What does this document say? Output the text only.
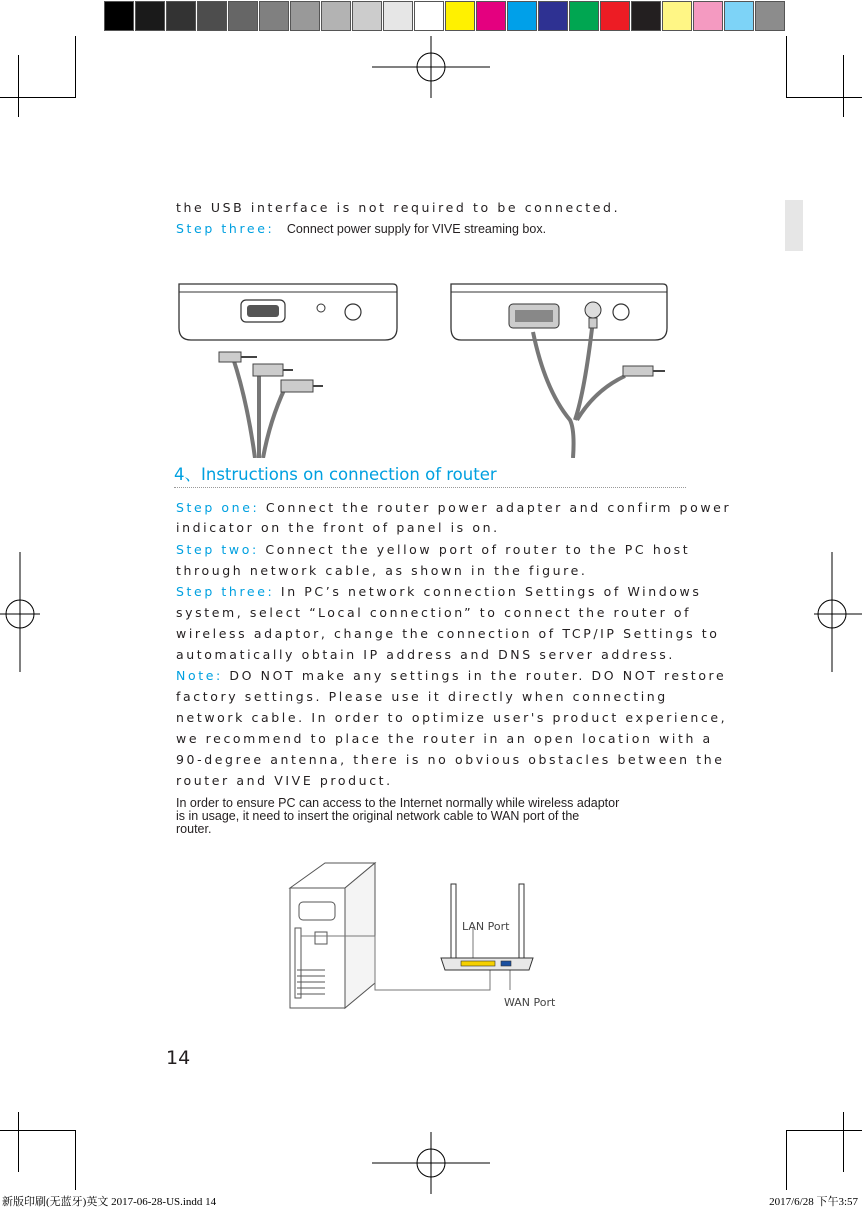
the USB interface is not required to be connected.
Step three: Connect power supply for VIVE streaming box.
4、Instructions on connection of router
Step one: Connect the router power adapter and confirm power
indicator on the front of panel is on.
Step two: Connect the yellow port of router to the PC host
through network cable, as shown in the figure.
Step three: In PC’s network connection Settings of Windows
system, select “Local connection” to connect the router of
wireless adaptor, change the connection of TCP/IP Settings to
automatically obtain IP address and DNS server address.
Note: DO NOT make any settings in the router. DO NOT restore
factory settings. Please use it directly when connecting
network cable. In order to optimize user's product experience,
we recommend to place the router in an open location with a
90-degree antenna, there is no obvious obstacles between the
router and VIVE product.
In order to ensure PC can access to the Internet normally while wireless adaptor
is in usage, it need to insert the original network cable to WAN port of the
router.
LAN Port
WAN Port
14
新版印刷(无蓝牙)英文 2017-06-28-US.indd 14	2017/6/28 下午3:57
